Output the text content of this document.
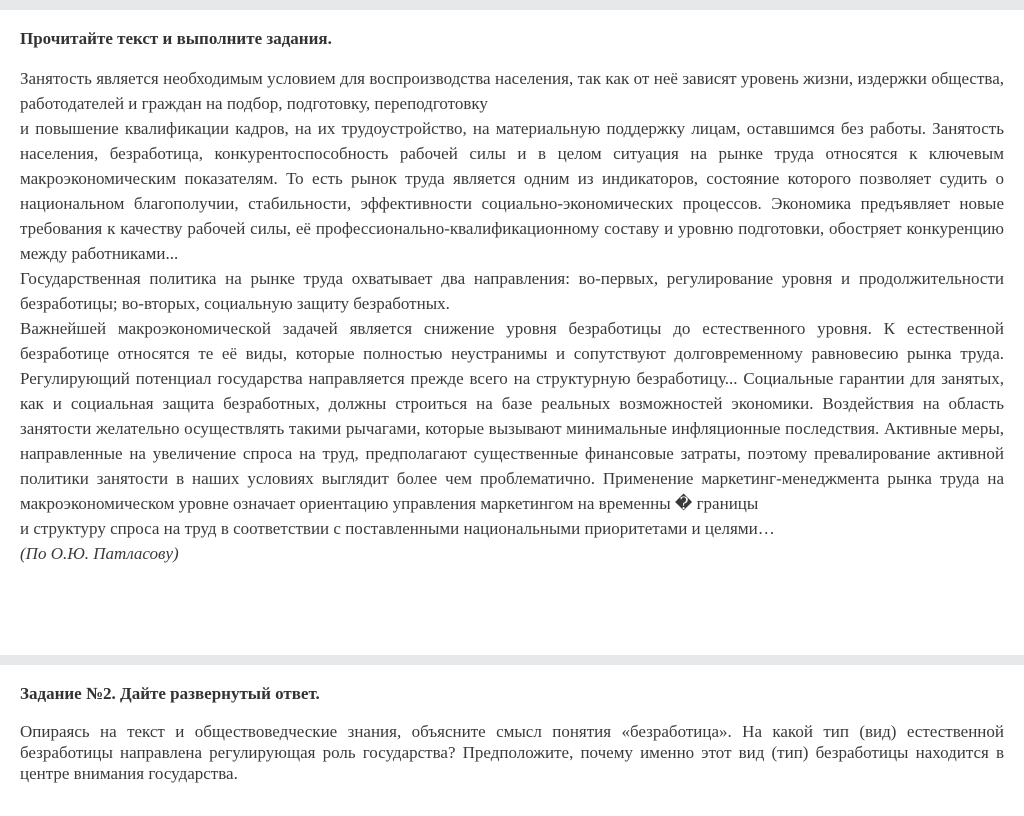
Прочитайте текст и выполните задания.

Занятость является необходимым условием для воспроизводства населения, так как от неё зависят уровень жизни, издержки общества, работодателей и граждан на подбор, подготовку, переподготовку

и повышение квалификации кадров, на их трудоустройство, на материальную поддержку лицам, оставшимся без работы. Занятость населения, безработица, конкурентоспособность рабочей силы и в целом ситуация на рынке труда относятся к ключевым макроэкономическим показателям. То есть рынок труда является одним из индикаторов, состояние которого позволяет судить о национальном благополучии, стабильности, эффективности социально-экономических процессов. Экономика предъявляет новые требования к качеству рабочей силы, её профессионально-квалификационному составу и уровню подготовки, обостряет конкуренцию между работниками...

Государственная политика на рынке труда охватывает два направления: во-первых, регулирование уровня и продолжительности безработицы; во-вторых, социальную защиту безработных.

Важнейшей макроэкономической задачей является снижение уровня безработицы до естественного уровня. К естественной безработице относятся те её виды, которые полностью неустранимы и сопутствуют долговременному равновесию рынка труда. Регулирующий потенциал государства направляется прежде всего на структурную безработицу... Социальные гарантии для занятых, как и социальная защита безработных, должны строиться на базе реальных возможностей экономики. Воздействия на область занятости желательно осуществлять такими рычагами, которые вызывают минимальные инфляционные последствия. Активные меры, направленные на увеличение спроса на труд, предполагают существенные финансовые затраты, поэтому превалирование активной политики занятости в наших условиях выглядит более чем проблематично. Применение маркетинг-менеджмента рынка труда на макроэкономическом уровне означает ориентацию управления маркетингом на временны � границы

и структуру спроса на труд в соответствии с поставленными национальными приоритетами и целями…

(По О.Ю. Патласову)

Задание №2. Дайте развернутый ответ.

Опираясь на текст и обществоведческие знания, объясните смысл понятия «безработица». На какой тип (вид) естественной безработицы направлена регулирующая роль государства? Предположите, почему именно этот вид (тип) безработицы находится в центре внимания государства.
